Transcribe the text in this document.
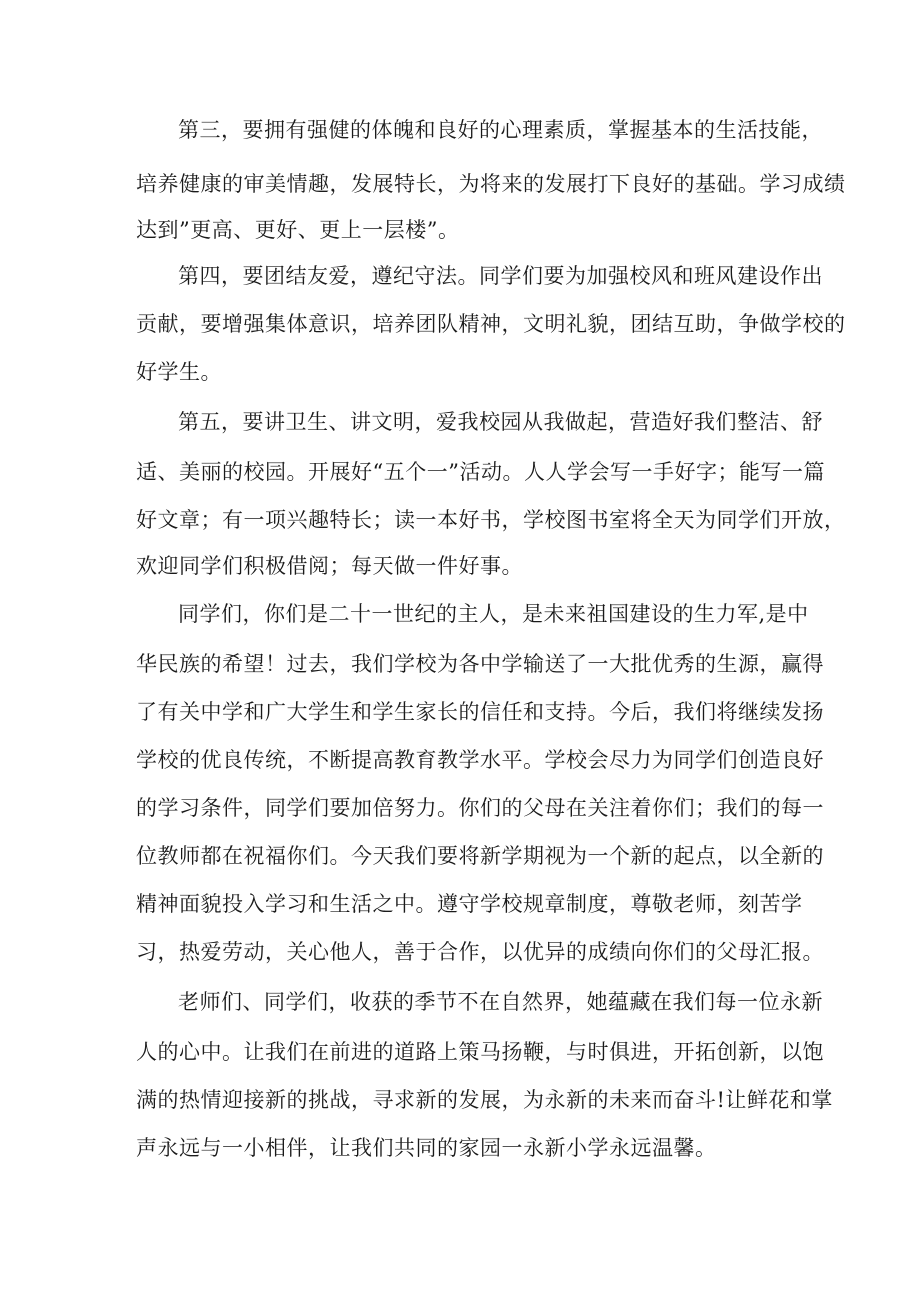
第三，要拥有强健的体魄和良好的心理素质，掌握基本的生活技能，
培养健康的审美情趣，发展特长，为将来的发展打下良好的基础。学习成绩
达到”更高、更好、更上一层楼”。
第四，要团结友爱，遵纪守法。同学们要为加强校风和班风建设作出
贡献，要增强集体意识，培养团队精神，文明礼貌，团结互助，争做学校的
好学生。
第五，要讲卫生、讲文明，爱我校园从我做起，营造好我们整洁、舒
适、美丽的校园。开展好“五个一”活动。人人学会写一手好字；能写一篇
好文章；有一项兴趣特长；读一本好书，学校图书室将全天为同学们开放，
欢迎同学们积极借阅；每天做一件好事。
同学们，你们是二十一世纪的主人，是未来祖国建设的生力军,是中
华民族的希望！过去，我们学校为各中学输送了一大批优秀的生源，赢得
了有关中学和广大学生和学生家长的信任和支持。今后，我们将继续发扬
学校的优良传统，不断提高教育教学水平。学校会尽力为同学们创造良好
的学习条件，同学们要加倍努力。你们的父母在关注着你们；我们的每一
位教师都在祝福你们。今天我们要将新学期视为一个新的起点，以全新的
精神面貌投入学习和生活之中。遵守学校规章制度，尊敬老师，刻苦学
习，热爱劳动，关心他人，善于合作，以优异的成绩向你们的父母汇报。
老师们、同学们，收获的季节不在自然界，她蕴藏在我们每一位永新
人的心中。让我们在前进的道路上策马扬鞭，与时俱进，开拓创新，以饱
满的热情迎接新的挑战，寻求新的发展，为永新的未来而奋斗!让鲜花和掌
声永远与一小相伴，让我们共同的家园一永新小学永远温馨。
